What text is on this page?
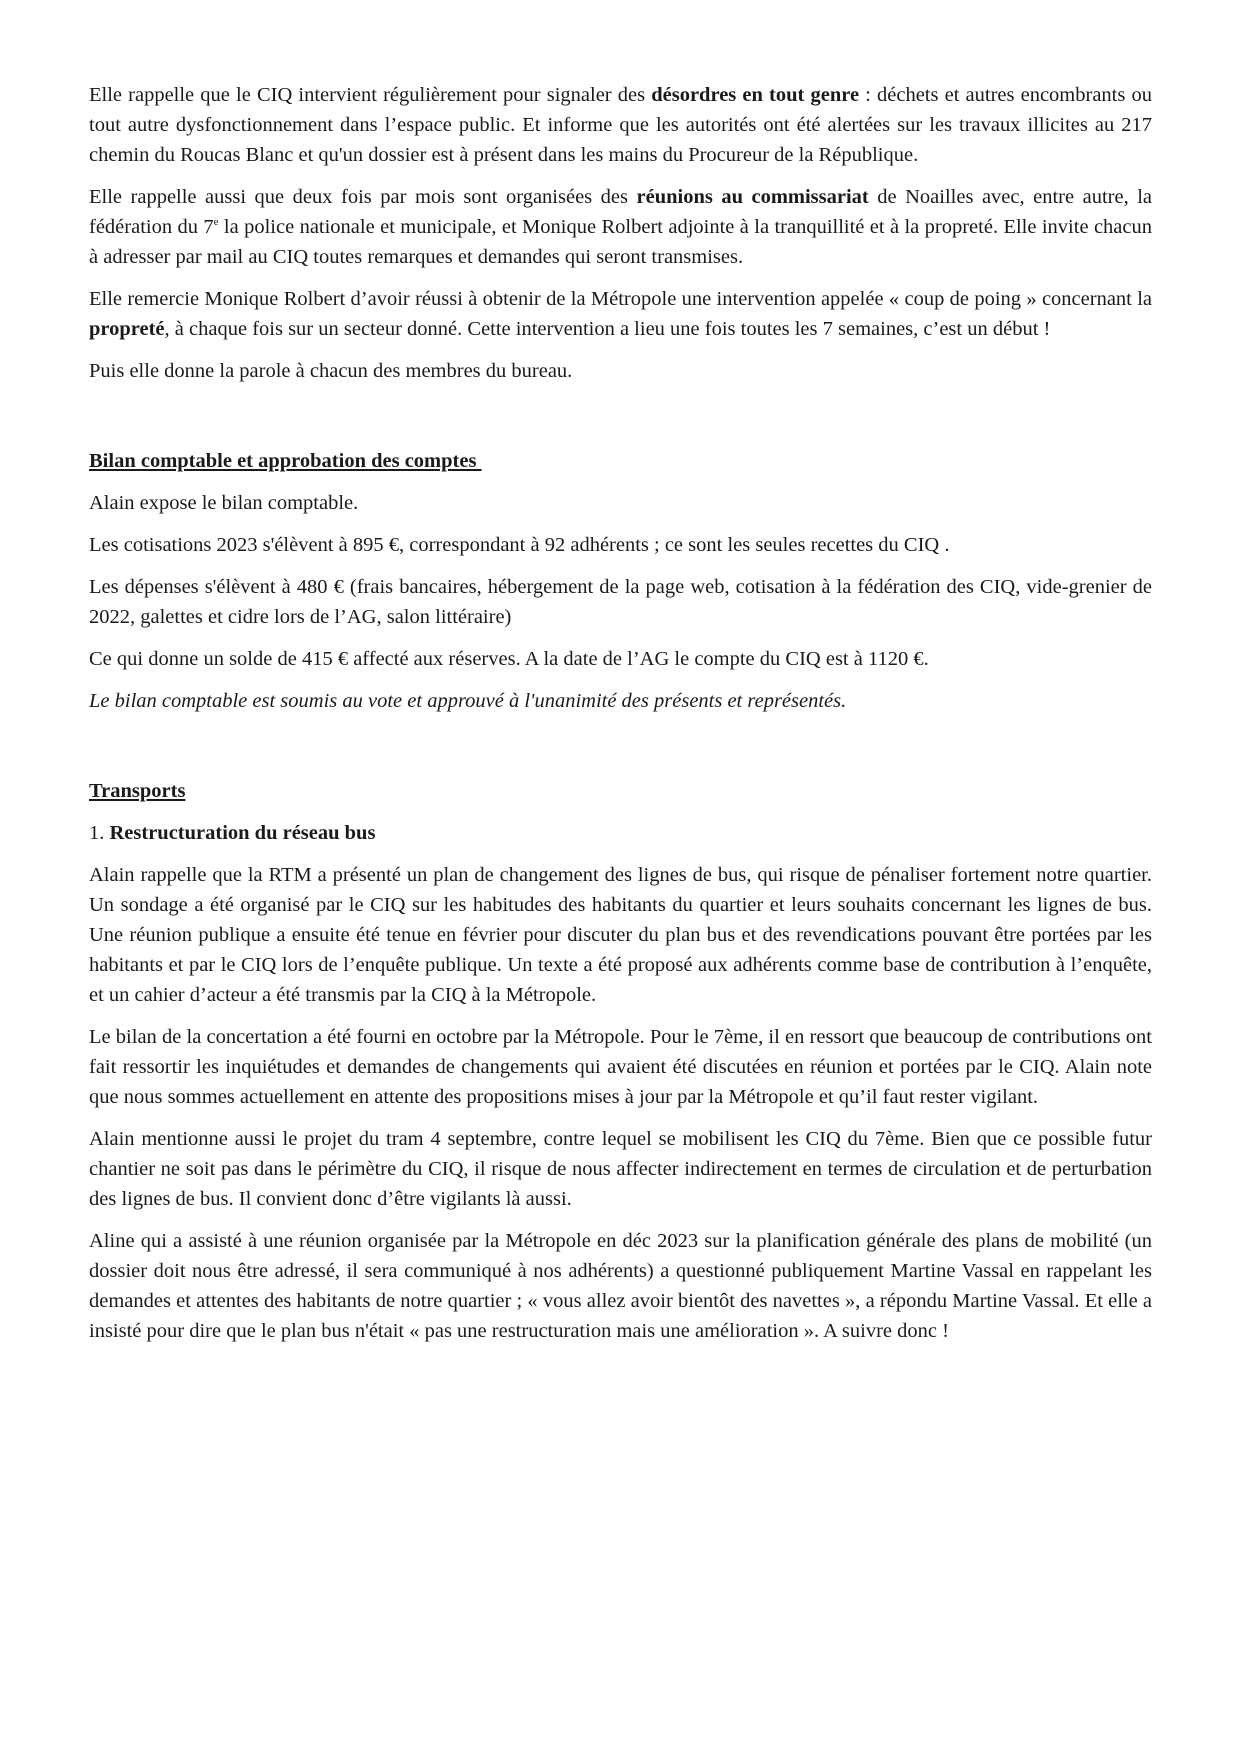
Elle rappelle que le CIQ intervient régulièrement pour signaler des désordres en tout genre : déchets et autres encombrants ou tout autre dysfonctionnement dans l’espace public. Et informe que les autorités ont été alertées sur les travaux illicites au 217 chemin du Roucas Blanc et qu'un dossier est à présent dans les mains du Procureur de la République.

Elle rappelle aussi que deux fois par mois sont organisées des réunions au commissariat de Noailles avec, entre autre, la fédération du 7e la police nationale et municipale, et Monique Rolbert adjointe à la tranquillité et à la propreté. Elle invite chacun à adresser par mail au CIQ toutes remarques et demandes qui seront transmises.

Elle remercie Monique Rolbert d’avoir réussi à obtenir de la Métropole une intervention appelée « coup de poing » concernant la propreté, à chaque fois sur un secteur donné. Cette intervention a lieu une fois toutes les 7 semaines, c’est un début !

Puis elle donne la parole à chacun des membres du bureau.

Bilan comptable et approbation des comptes

Alain expose le bilan comptable.

Les cotisations 2023 s'élèvent à 895 €, correspondant à 92 adhérents ; ce sont les seules recettes du CIQ .

Les dépenses s'élèvent à 480 € (frais bancaires, hébergement de la page web, cotisation à la fédération des CIQ, vide-grenier de 2022, galettes et cidre lors de l’AG, salon littéraire)

Ce qui donne un solde de 415 € affecté aux réserves. A la date de l’AG le compte du CIQ est à 1120 €.

Le bilan comptable est soumis au vote et approuvé à l'unanimité des présents et représentés.

Transports
1. Restructuration du réseau bus

Alain rappelle que la RTM a présenté un plan de changement des lignes de bus, qui risque de pénaliser fortement notre quartier. Un sondage a été organisé par le CIQ sur les habitudes des habitants du quartier et leurs souhaits concernant les lignes de bus. Une réunion publique a ensuite été tenue en février pour discuter du plan bus et des revendications pouvant être portées par les habitants et par le CIQ lors de l’enquête publique. Un texte a été proposé aux adhérents comme base de contribution à l’enquête, et un cahier d’acteur a été transmis par la CIQ à la Métropole.

Le bilan de la concertation a été fourni en octobre par la Métropole. Pour le 7ème, il en ressort que beaucoup de contributions ont fait ressortir les inquiétudes et demandes de changements qui avaient été discutées en réunion et portées par le CIQ. Alain note que nous sommes actuellement en attente des propositions mises à jour par la Métropole et qu’il faut rester vigilant.

Alain mentionne aussi le projet du tram 4 septembre, contre lequel se mobilisent les CIQ du 7ème. Bien que ce possible futur chantier ne soit pas dans le périmètre du CIQ, il risque de nous affecter indirectement en termes de circulation et de perturbation des lignes de bus. Il convient donc d’être vigilants là aussi.

Aline qui a assisté à une réunion organisée par la Métropole en déc 2023 sur la planification générale des plans de mobilité (un dossier doit nous être adressé, il sera communiqué à nos adhérents) a questionné publiquement Martine Vassal en rappelant les demandes et attentes des habitants de notre quartier ; « vous allez avoir bientôt des navettes », a répondu Martine Vassal. Et elle a insisté pour dire que le plan bus n'était « pas une restructuration mais une amélioration ». A suivre donc !
